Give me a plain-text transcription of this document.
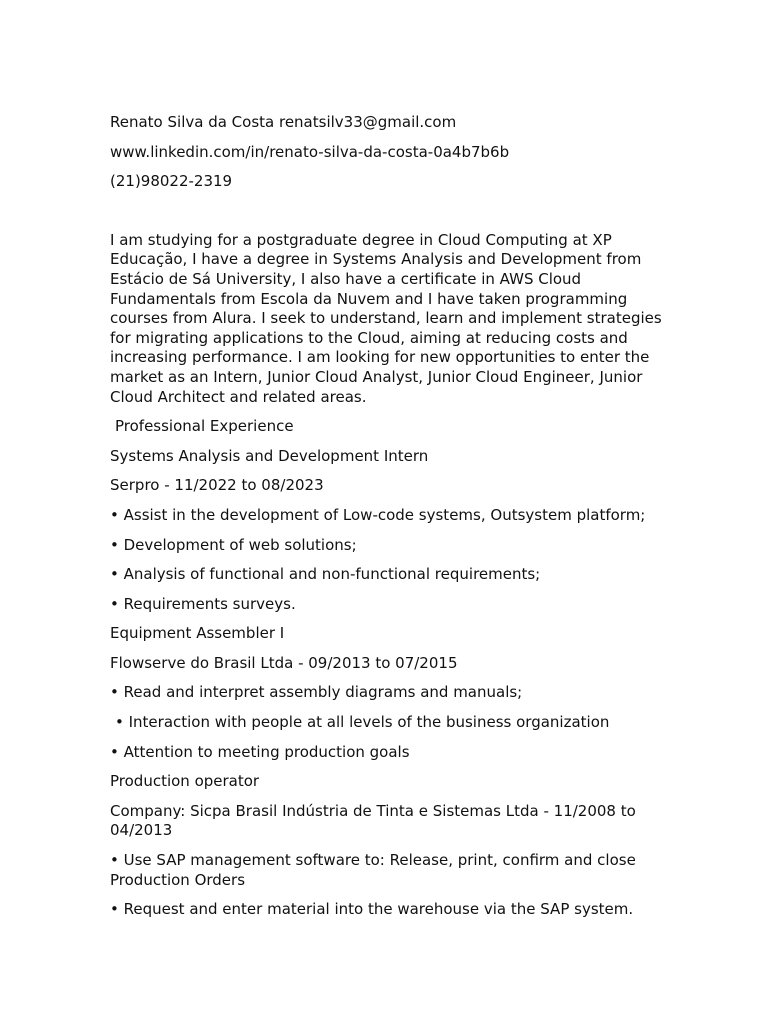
Renato Silva da Costa renatsilv33@gmail.com

www.linkedin.com/in/renato-silva-da-costa-0a4b7b6b

(21)98022-2319

I am studying for a postgraduate degree in Cloud Computing at XP Educação, I have a degree in Systems Analysis and Development from Estácio de Sá University, I also have a certificate in AWS Cloud Fundamentals from Escola da Nuvem and I have taken programming courses from Alura. I seek to understand, learn and implement strategies for migrating applications to the Cloud, aiming at reducing costs and increasing performance. I am looking for new opportunities to enter the market as an Intern, Junior Cloud Analyst, Junior Cloud Engineer, Junior Cloud Architect and related areas.

Professional Experience

Systems Analysis and Development Intern

Serpro - 11/2022 to 08/2023

• Assist in the development of Low-code systems, Outsystem platform;

• Development of web solutions;

• Analysis of functional and non-functional requirements;

• Requirements surveys.

Equipment Assembler I

Flowserve do Brasil Ltda - 09/2013 to 07/2015

• Read and interpret assembly diagrams and manuals;

• Interaction with people at all levels of the business organization

• Attention to meeting production goals

Production operator

Company: Sicpa Brasil Indústria de Tinta e Sistemas Ltda - 11/2008 to 04/2013

• Use SAP management software to: Release, print, confirm and close Production Orders

• Request and enter material into the warehouse via the SAP system.
